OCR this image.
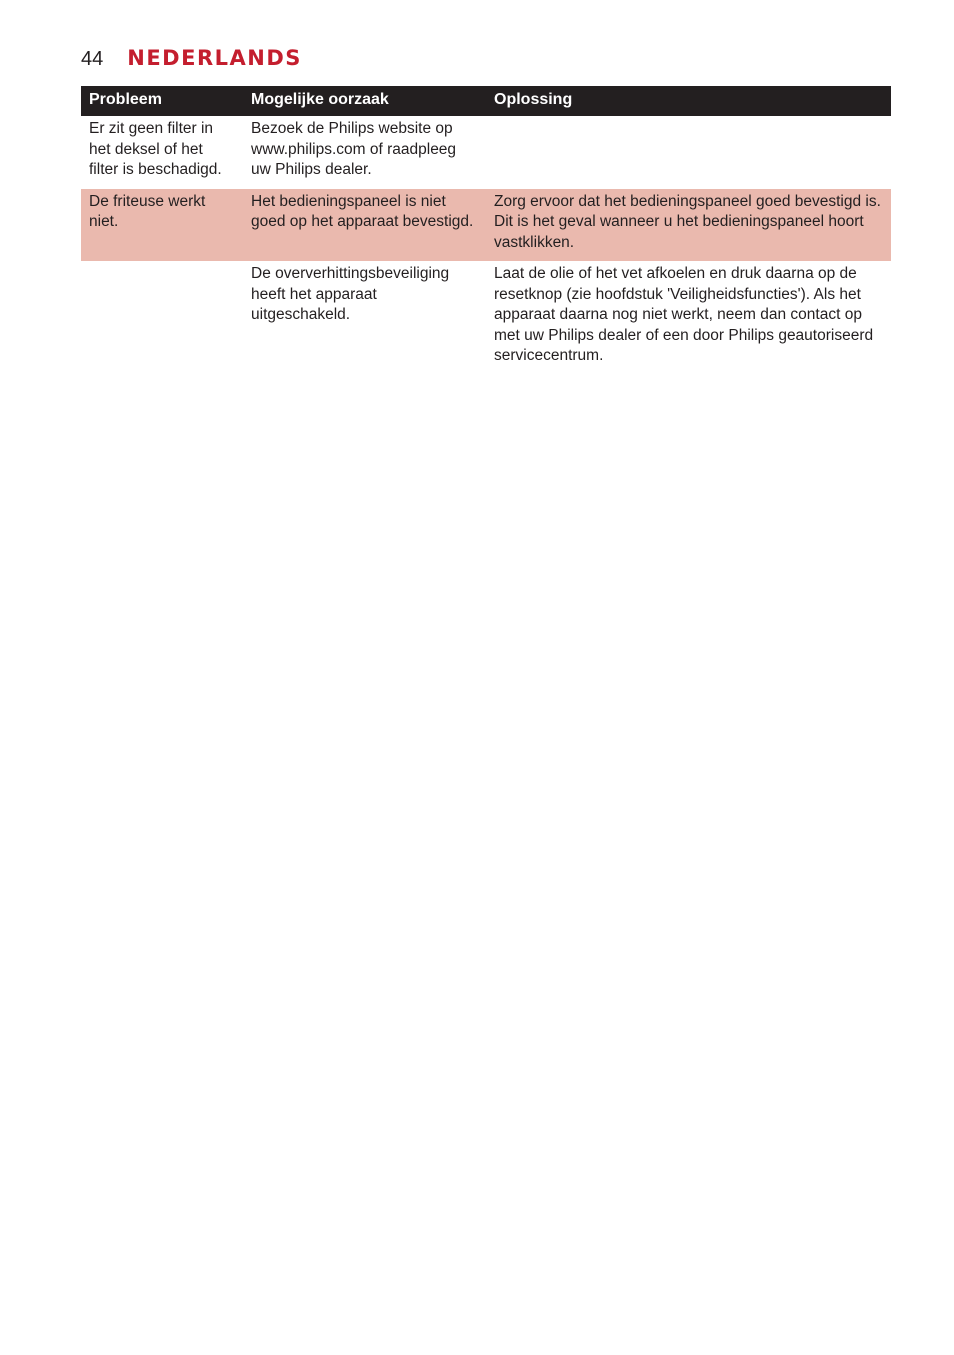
44 NEDERLANDS
Probleem	Mogelijke oorzaak	Oplossing
Er zit geen filter in het deksel of het filter is beschadigd.	Bezoek de Philips website op www.philips.com of raadpleeg uw Philips dealer.	
De friteuse werkt niet.	Het bedieningspaneel is niet goed op het apparaat bevestigd.	Zorg ervoor dat het bedieningspaneel goed bevestigd is. Dit is het geval wanneer u het bedieningspaneel hoort vastklikken.
	De oververhittingsbeveiliging heeft het apparaat uitgeschakeld.	Laat de olie of het vet afkoelen en druk daarna op de resetknop (zie hoofdstuk 'Veiligheidsfuncties'). Als het apparaat daarna nog niet werkt, neem dan contact op met uw Philips dealer of een door Philips geautoriseerd servicecentrum.
